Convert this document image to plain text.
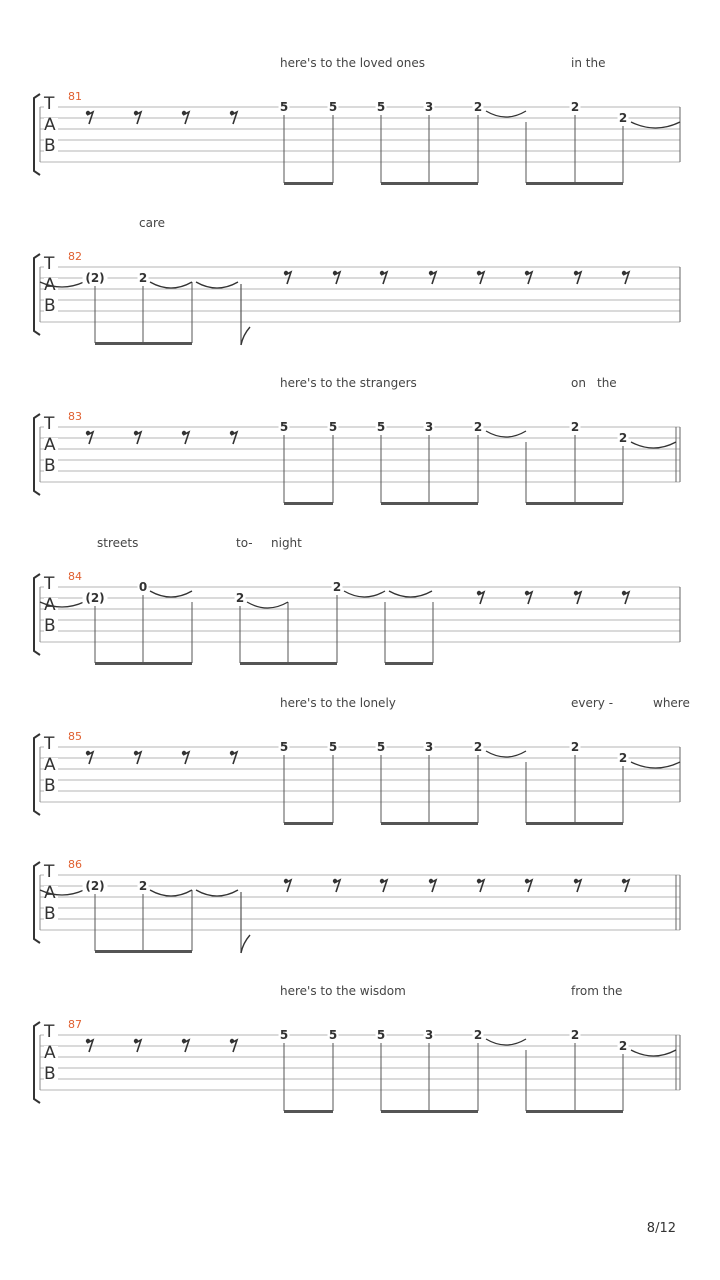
here's to the loved ones	in the
81
T
A
B
5	5	5	3	2	2
2
care
82
T
A
B
(2)	2
here's to the strangers	on the
83
T
A
B
5	5	5	3	2	2
2
streets	to- night
84
T
A
B
(2)
0
2
2
here's to the lonely	every -	where
85
T
A
B
5	5	5	3	2	2
2
86
T
A
B
(2)	2
here's to the wisdom	from the
87
T
A
B
5	5	5	3	2	2
2
8/12
